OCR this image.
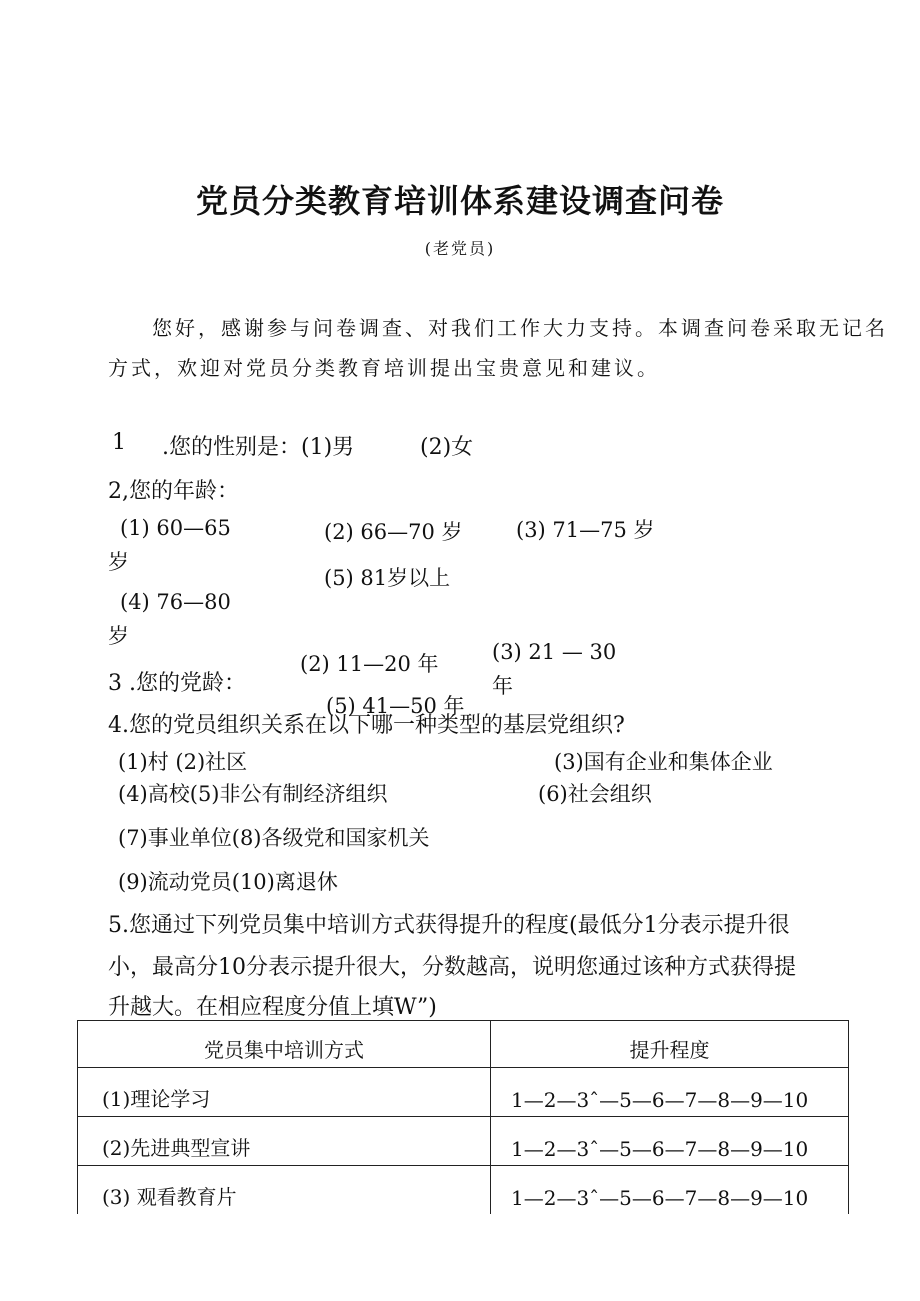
党员分类教育培训体系建设调查问卷
(老党员)
您好，感谢参与问卷调查、对我们工作大力支持。本调查问卷采取无记名
方式，欢迎对党员分类教育培训提出宝贵意见和建议。
1 .您的性别是：(1)男	(2)女
2,您的年龄：
(1) 60—65
岁
(2) 66—70 岁	(3) 71—75 岁
(5) 81岁以上
(4) 76—80
岁
(2) 11—20 年	(3) 21 — 30
年
3 .您的党龄：
(5) 41—50 年
4.您的党员组织关系在以下哪一种类型的基层党组织?
(1)村 (2)社区	(3)国有企业和集体企业
(4)高校(5)非公有制经济组织	(6)社会组织
(7)事业单位(8)各级党和国家机关
(9)流动党员(10)离退休
5.您通过下列党员集中培训方式获得提升的程度(最低分1分表示提升很
小，最高分10分表示提升很大，分数越高，说明您通过该种方式获得提
升越大。在相应程度分值上填W”)
党员集中培训方式	提升程度
(1)理论学习	1—2—3ˆ—5—6—7—8—9—10
(2)先进典型宣讲	1—2—3ˆ—5—6—7—8—9—10
(3) 观看教育片	1—2—3ˆ—5—6—7—8—9—10
